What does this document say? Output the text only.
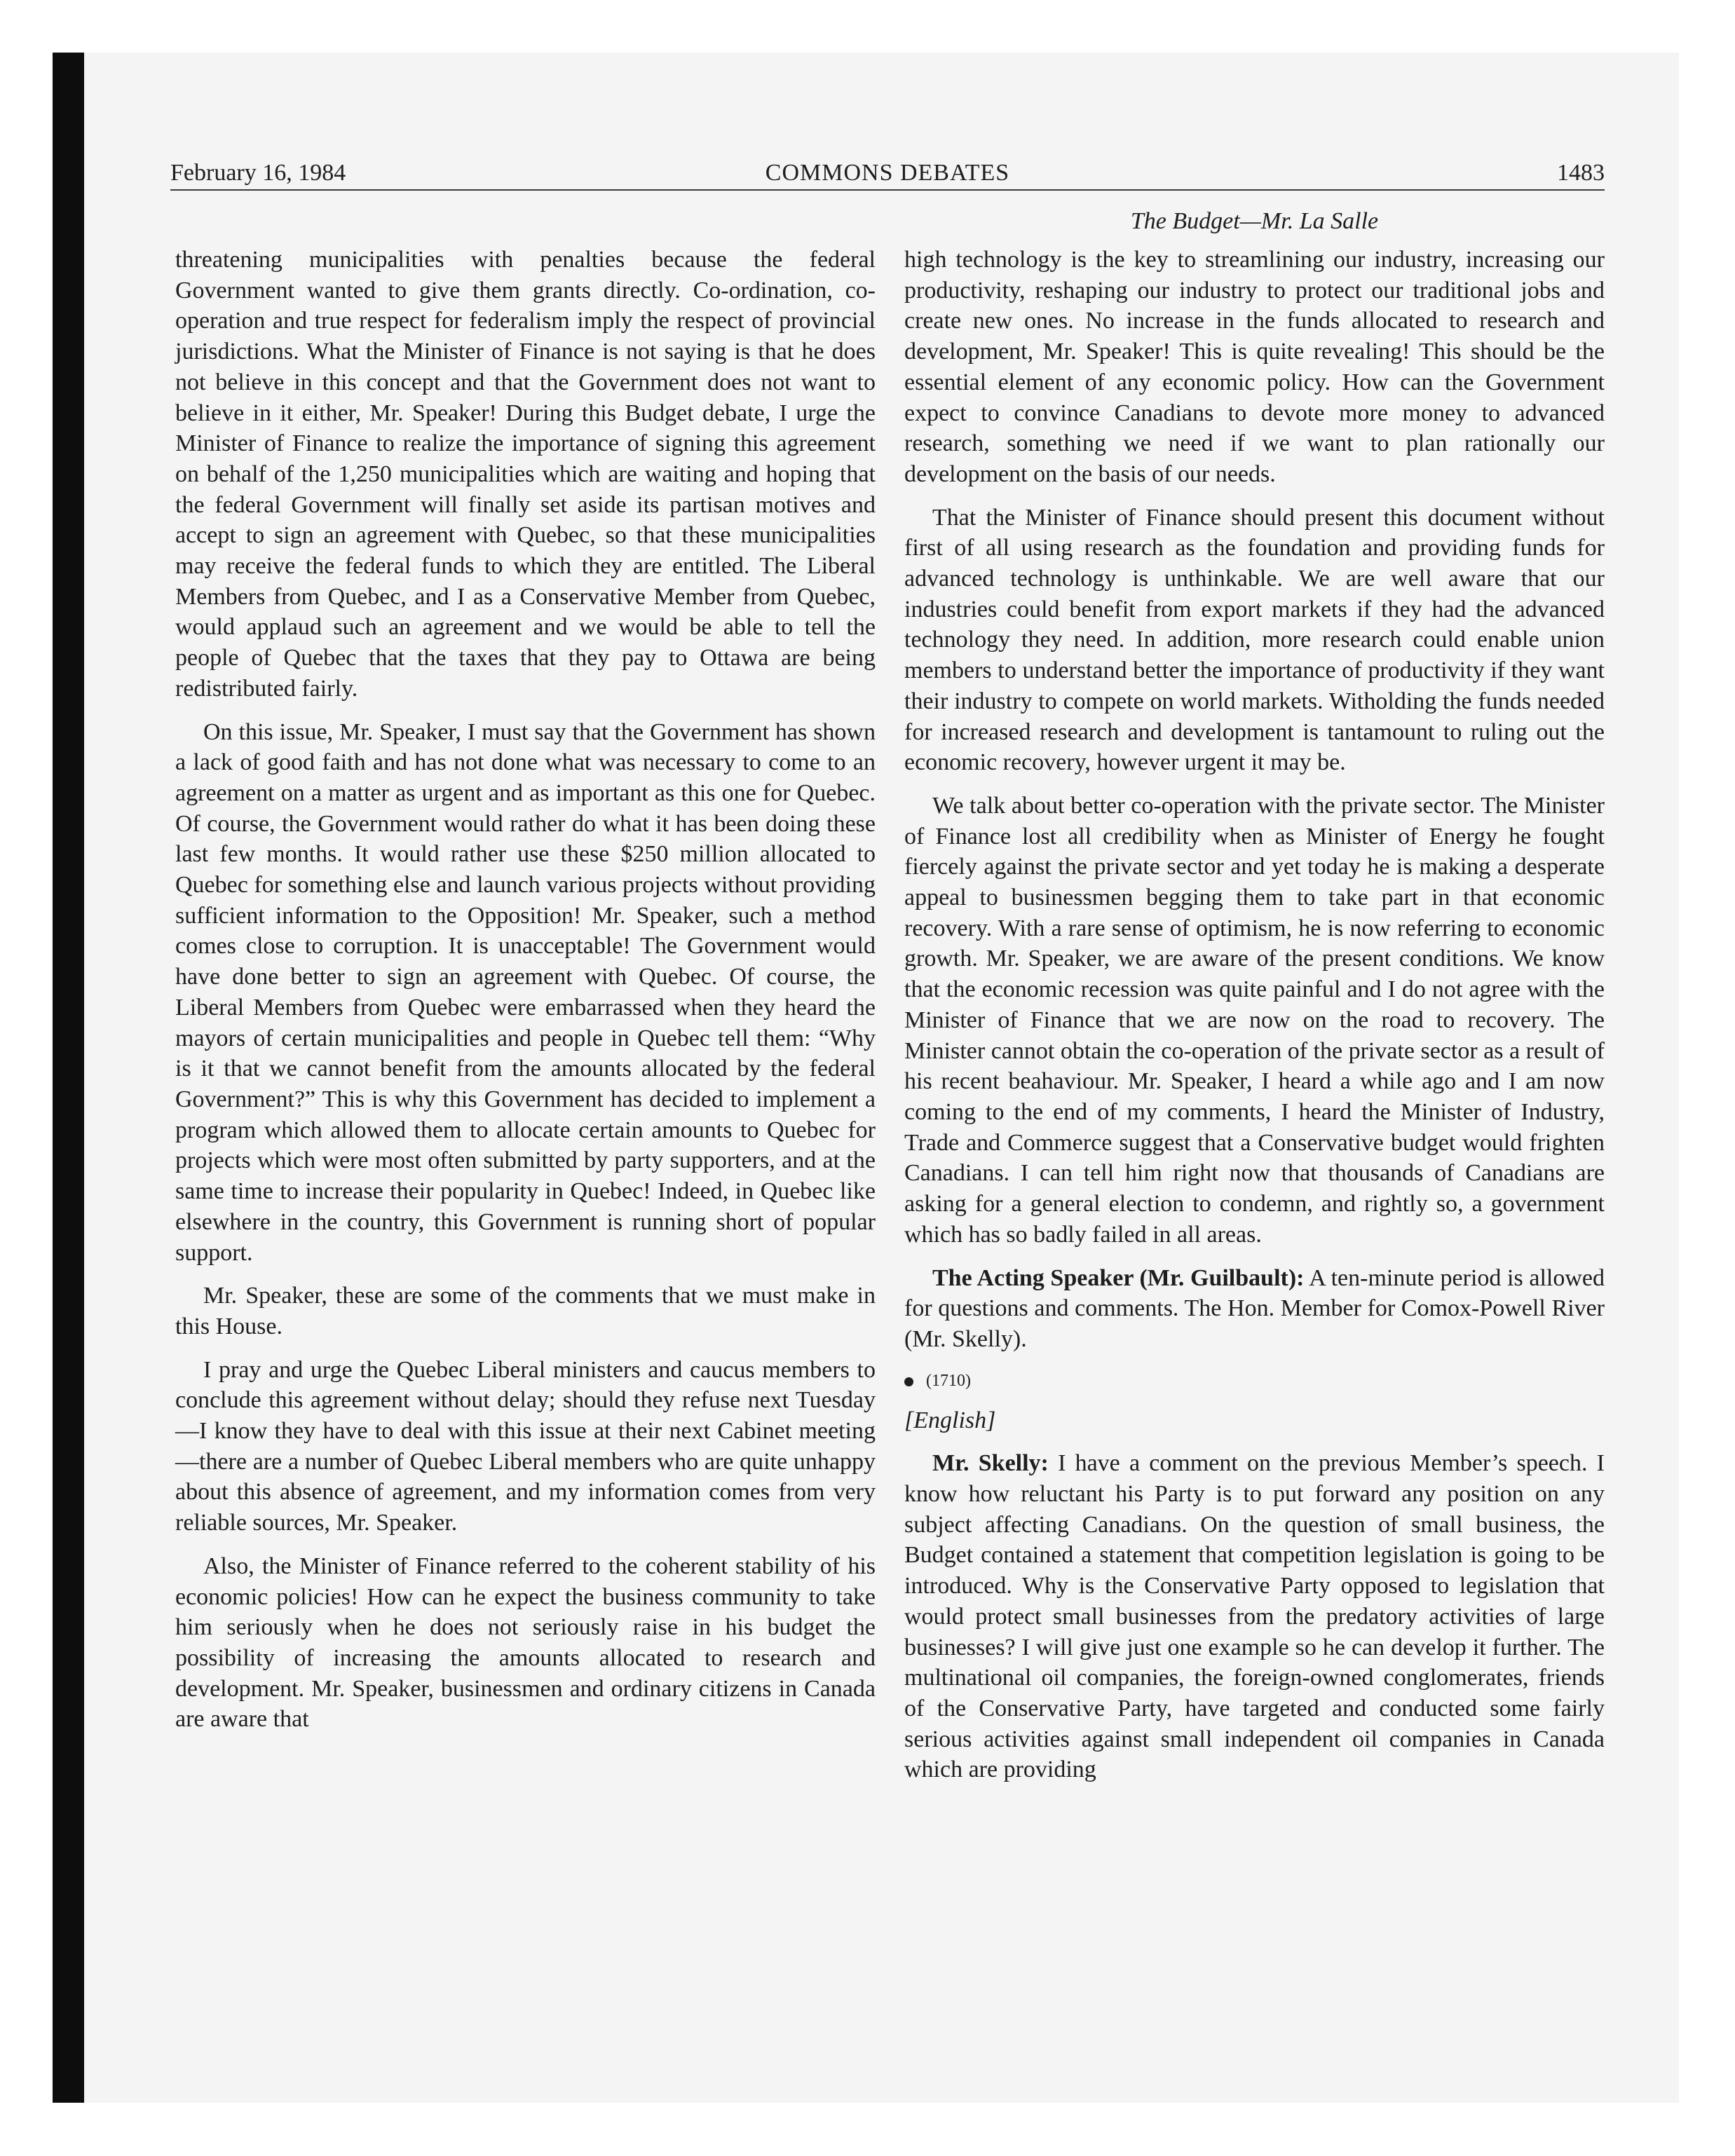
February 16, 1984	COMMONS DEBATES	1483
The Budget—Mr. La Salle

threatening municipalities with penalties because the federal Government wanted to give them grants directly. Co-ordination, co-operation and true respect for federalism imply the respect of provincial jurisdictions. What the Minister of Finance is not saying is that he does not believe in this concept and that the Government does not want to believe in it either, Mr. Speaker! During this Budget debate, I urge the Minister of Finance to realize the importance of signing this agreement on behalf of the 1,250 municipalities which are waiting and hoping that the federal Government will finally set aside its partisan motives and accept to sign an agreement with Quebec, so that these municipalities may receive the federal funds to which they are entitled. The Liberal Members from Quebec, and I as a Conservative Member from Quebec, would applaud such an agreement and we would be able to tell the people of Quebec that the taxes that they pay to Ottawa are being redistributed fairly.

On this issue, Mr. Speaker, I must say that the Government has shown a lack of good faith and has not done what was necessary to come to an agreement on a matter as urgent and as important as this one for Quebec. Of course, the Government would rather do what it has been doing these last few months. It would rather use these $250 million allocated to Quebec for something else and launch various projects without providing sufficient information to the Opposition! Mr. Speaker, such a method comes close to corruption. It is unacceptable! The Government would have done better to sign an agreement with Quebec. Of course, the Liberal Members from Quebec were embarrassed when they heard the mayors of certain municipalities and people in Quebec tell them: “Why is it that we cannot benefit from the amounts allocated by the federal Government?” This is why this Government has decided to implement a program which allowed them to allocate certain amounts to Quebec for projects which were most often submitted by party supporters, and at the same time to increase their popularity in Quebec! Indeed, in Quebec like elsewhere in the country, this Government is running short of popular support.

Mr. Speaker, these are some of the comments that we must make in this House.

I pray and urge the Quebec Liberal ministers and caucus members to conclude this agreement without delay; should they refuse next Tuesday—I know they have to deal with this issue at their next Cabinet meeting—there are a number of Quebec Liberal members who are quite unhappy about this absence of agreement, and my information comes from very reliable sources, Mr. Speaker.

Also, the Minister of Finance referred to the coherent stability of his economic policies! How can he expect the business community to take him seriously when he does not seriously raise in his budget the possibility of increasing the amounts allocated to research and development. Mr. Speaker, businessmen and ordinary citizens in Canada are aware that

high technology is the key to streamlining our industry, increasing our productivity, reshaping our industry to protect our traditional jobs and create new ones. No increase in the funds allocated to research and development, Mr. Speaker! This is quite revealing! This should be the essential element of any economic policy. How can the Government expect to convince Canadians to devote more money to advanced research, something we need if we want to plan rationally our development on the basis of our needs.

That the Minister of Finance should present this document without first of all using research as the foundation and providing funds for advanced technology is unthinkable. We are well aware that our industries could benefit from export markets if they had the advanced technology they need. In addition, more research could enable union members to understand better the importance of productivity if they want their industry to compete on world markets. Witholding the funds needed for increased research and development is tantamount to ruling out the economic recovery, however urgent it may be.

We talk about better co-operation with the private sector. The Minister of Finance lost all credibility when as Minister of Energy he fought fiercely against the private sector and yet today he is making a desperate appeal to businessmen begging them to take part in that economic recovery. With a rare sense of optimism, he is now referring to economic growth. Mr. Speaker, we are aware of the present conditions. We know that the economic recession was quite painful and I do not agree with the Minister of Finance that we are now on the road to recovery. The Minister cannot obtain the co-operation of the private sector as a result of his recent beahaviour. Mr. Speaker, I heard a while ago and I am now coming to the end of my comments, I heard the Minister of Industry, Trade and Commerce suggest that a Conservative budget would frighten Canadians. I can tell him right now that thousands of Canadians are asking for a general election to condemn, and rightly so, a government which has so badly failed in all areas.

The Acting Speaker (Mr. Guilbault): A ten-minute period is allowed for questions and comments. The Hon. Member for Comox-Powell River (Mr. Skelly).

(1710)

[English]

Mr. Skelly: I have a comment on the previous Member’s speech. I know how reluctant his Party is to put forward any position on any subject affecting Canadians. On the question of small business, the Budget contained a statement that competition legislation is going to be introduced. Why is the Conservative Party opposed to legislation that would protect small businesses from the predatory activities of large businesses? I will give just one example so he can develop it further. The multinational oil companies, the foreign-owned conglomerates, friends of the Conservative Party, have targeted and conducted some fairly serious activities against small independent oil companies in Canada which are providing
